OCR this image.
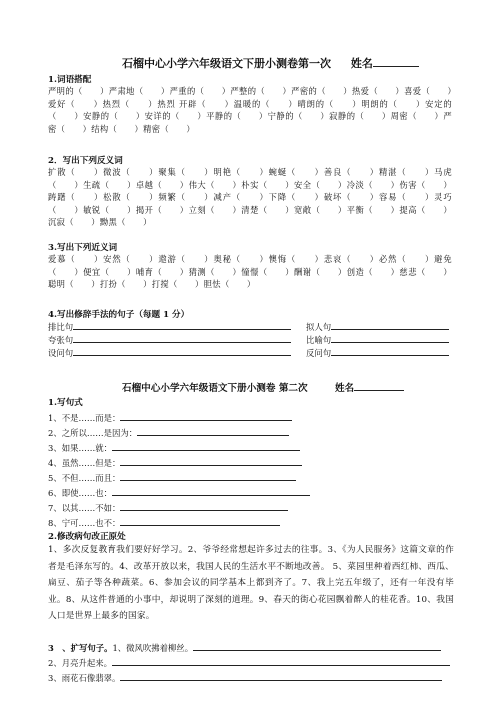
石榴中心小学六年级语文下册小测卷第一次 姓名
1.词语搭配
严明的（　　）严肃地（　　）严重的（　　）严整的（　　）严密的（　　）热爱（　　）喜爱（　　）爱好（　　）热烈（　　）热烈 开辟（　　）温暖的（　　）晴朗的（　　）明朗的（　　）安定的（　　）安静的（　　）安详的（　　）平静的（　　）宁静的（　　）寂静的（　　）周密（　　）严密（　　）结构（　　）精密（　　）
2．写出下列反义词
扩散（　　）微波（　　）聚集（　　）明艳（　　）蜿蜒（　　）善良（　　）精湛（　　）马虎（　　）生疏（　　）卓越（　　）伟大（　　）朴实（　　）安全（　　）冷淡（　　）伤害（　　）踌躇（　　）松散（　　）频繁（　　）减产（　　）下降（　　）破坏（　　）容易（　　）灵巧（　　）敏锐（　　）揭开（　　）立刻（　　）清楚（　　）宽敞（　　）平衡（　　）提高（　　）沉寂（　　）黝黑（　　）
3.写出下列近义词
爱慕（　　）安然（　　）遨游（　　）奥秘（　　）懊悔（　　）悲哀（　　）必然（　　）避免（　　）便宜（　　）哺育（　　）猜测（　　）憧憬（　　）酬谢（　　）创造（　　）慈悲（　　）聪明（　　）打扮（　　）打搅（　　）胆怯（　　）
4.写出修辞手法的句子（每题 1 分）
排比句	拟人句
夸张句	比喻句
设问句	反问句
石榴中心小学六年级语文下册小测卷 第二次	姓名
1.写句式
1、不是……而是：
2、之所以……是因为：
3、如果……就：
4、虽然……但是：
5、不但……而且：
6、即使……也：
7、以其……不如：
8、宁可……也不：
2.修改病句改正原处
1、多次反复教育我们要好好学习。2、爷爷经常想起许多过去的往事。3、《为人民服务》这篇文章的作者是毛泽东写的。4、改革开放以来，我国人民的生活水平不断地改善。 5、菜园里种着西红柿、西瓜、扁豆、茄子等各种蔬菜。6、参加会议的同学基本上都到齐了。7、我上完五年级了，还有一年没有毕业。8、从这件普通的小事中，却说明了深刻的道理。9、春天的街心花园飘着醉人的桂花香。10、我国人口是世界上最多的国家。
3　、扩写句子。1、微风吹拂着柳丝。
2、月亮升起来。
3、雨花石像翡翠。
